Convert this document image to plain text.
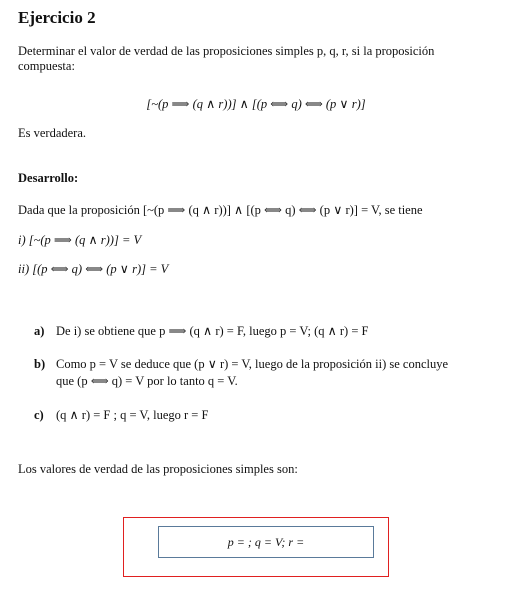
Ejercicio 2
Determinar el valor de verdad de las proposiciones simples p, q, r, si la proposición compuesta:
[~(p ⟹ (q ∧ r))] ∧ [(p ⟺ q) ⟺ (p ∨ r)]
Es verdadera.
Desarrollo:
Dada que la proposición [~(p ⟹ (q ∧ r))] ∧ [(p ⟺ q) ⟺ (p ∨ r)] = V, se tiene
i) [~(p ⟹ (q ∧ r))] = V
ii) [(p ⟺ q) ⟺ (p ∨ r)] = V
a) De i) se obtiene que p ⟹ (q ∧ r) = F, luego p = V; (q ∧ r) = F
b) Como p = V se deduce que (p ∨ r) = V, luego de la proposición ii) se concluye
que (p ⟺ q) = V por lo tanto q = V.
c) (q ∧ r) = F ; q = V, luego r = F
Los valores de verdad de las proposiciones simples son:
p = ; q = V; r =
